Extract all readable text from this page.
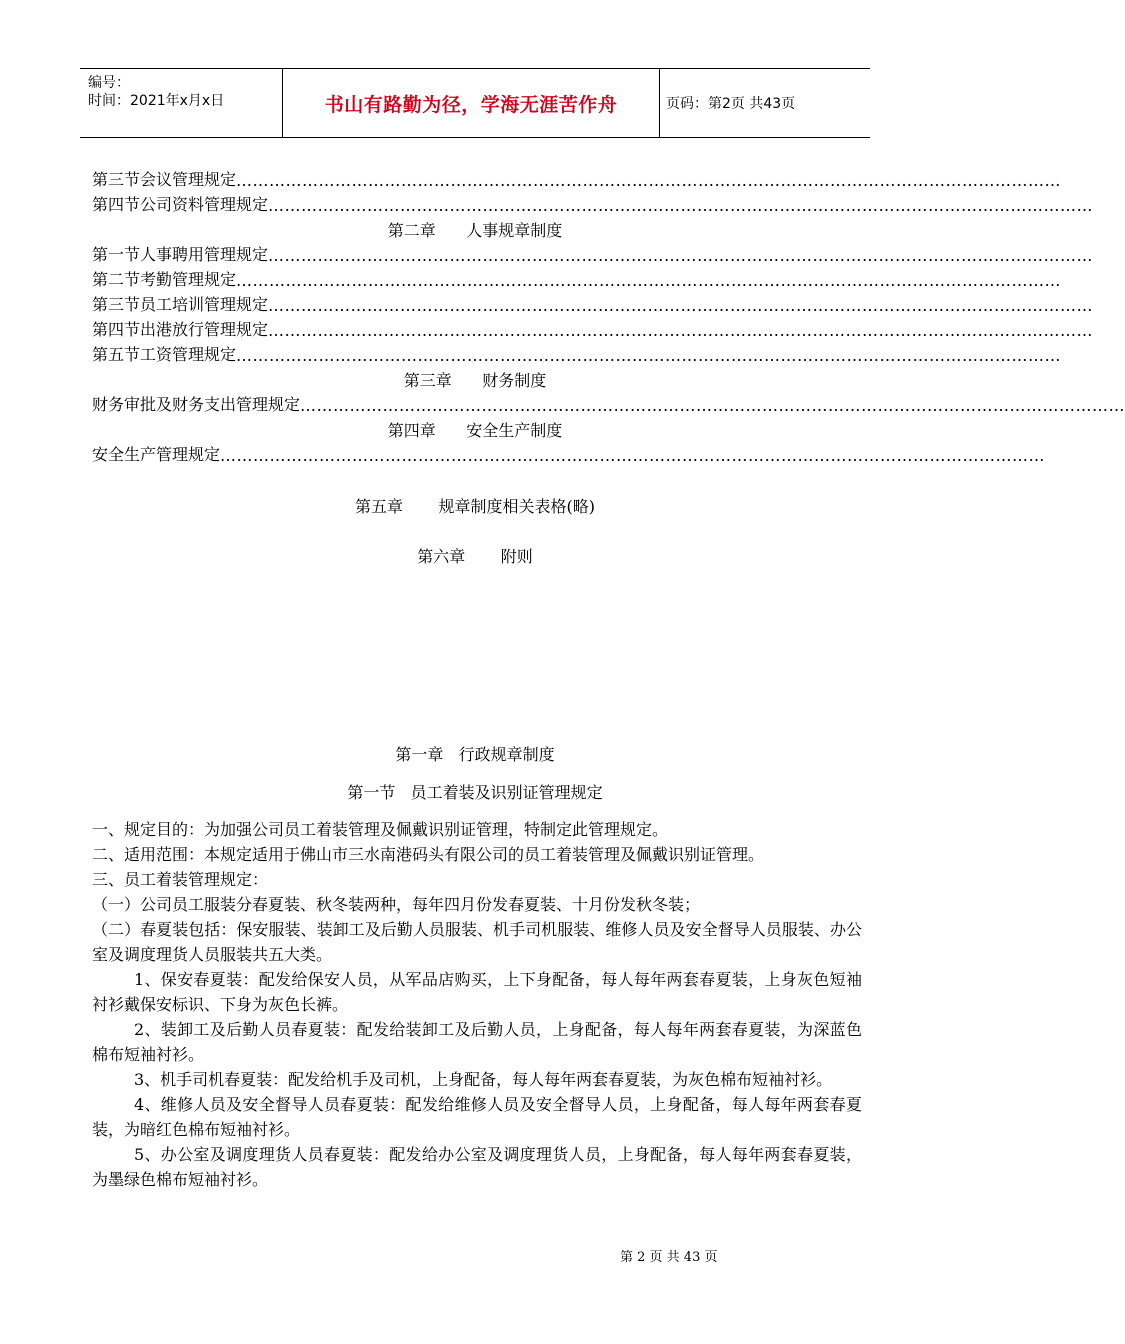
编号：
时间：2021年x月x日	书山有路勤为径，学海无涯苦作舟	页码：第2页 共43页
第三节 会议管理规定 ……………………………………………………………………………………………………………………………………
第四节 公司资料管理规定 ……………………………………………………………………………………………………………………………………
第一节 人事聘用管理规定 ……………………………………………………………………………………………………………………………………
第二节 考勤管理规定 ……………………………………………………………………………………………………………………………………
第三节 员工培训管理规定 ……………………………………………………………………………………………………………………………………
第四节 出港放行管理规定 ……………………………………………………………………………………………………………………………………
第五节 工资管理规定 ……………………………………………………………………………………………………………………………………
财务审批及财务支出管理规定 ……………………………………………………………………………………………………………………………………
安全生产管理规定 ……………………………………………………………………………………………………………………………………
第二章      人事规章制度
第三章      财务制度
第四章      安全生产制度
第五章       规章制度相关表格(略)
第六章       附则
第一章   行政规章制度
第一节   员工着装及识别证管理规定

一、规定目的：为加强公司员工着装管理及佩戴识别证管理，特制定此管理规定。

二、适用范围：本规定适用于佛山市三水南港码头有限公司的员工着装管理及佩戴识别证管理。

三、员工着装管理规定：

（一）公司员工服装分春夏装、秋冬装两种，每年四月份发春夏装、十月份发秋冬装；

（二）春夏装包括：保安服装、装卸工及后勤人员服装、机手司机服装、维修人员及安全督导人员服装、办公室及调度理货人员服装共五大类。

1、保安春夏装：配发给保安人员，从军品店购买，上下身配备，每人每年两套春夏装，上身灰色短袖衬衫戴保安标识、下身为灰色长裤。

2、装卸工及后勤人员春夏装：配发给装卸工及后勤人员，上身配备，每人每年两套春夏装，为深蓝色棉布短袖衬衫。

3、机手司机春夏装：配发给机手及司机，上身配备，每人每年两套春夏装，为灰色棉布短袖衬衫。

4、维修人员及安全督导人员春夏装：配发给维修人员及安全督导人员，上身配备，每人每年两套春夏装，为暗红色棉布短袖衬衫。

5、办公室及调度理货人员春夏装：配发给办公室及调度理货人员，上身配备，每人每年两套春夏装，为墨绿色棉布短袖衬衫。

第 2 页 共 43 页
